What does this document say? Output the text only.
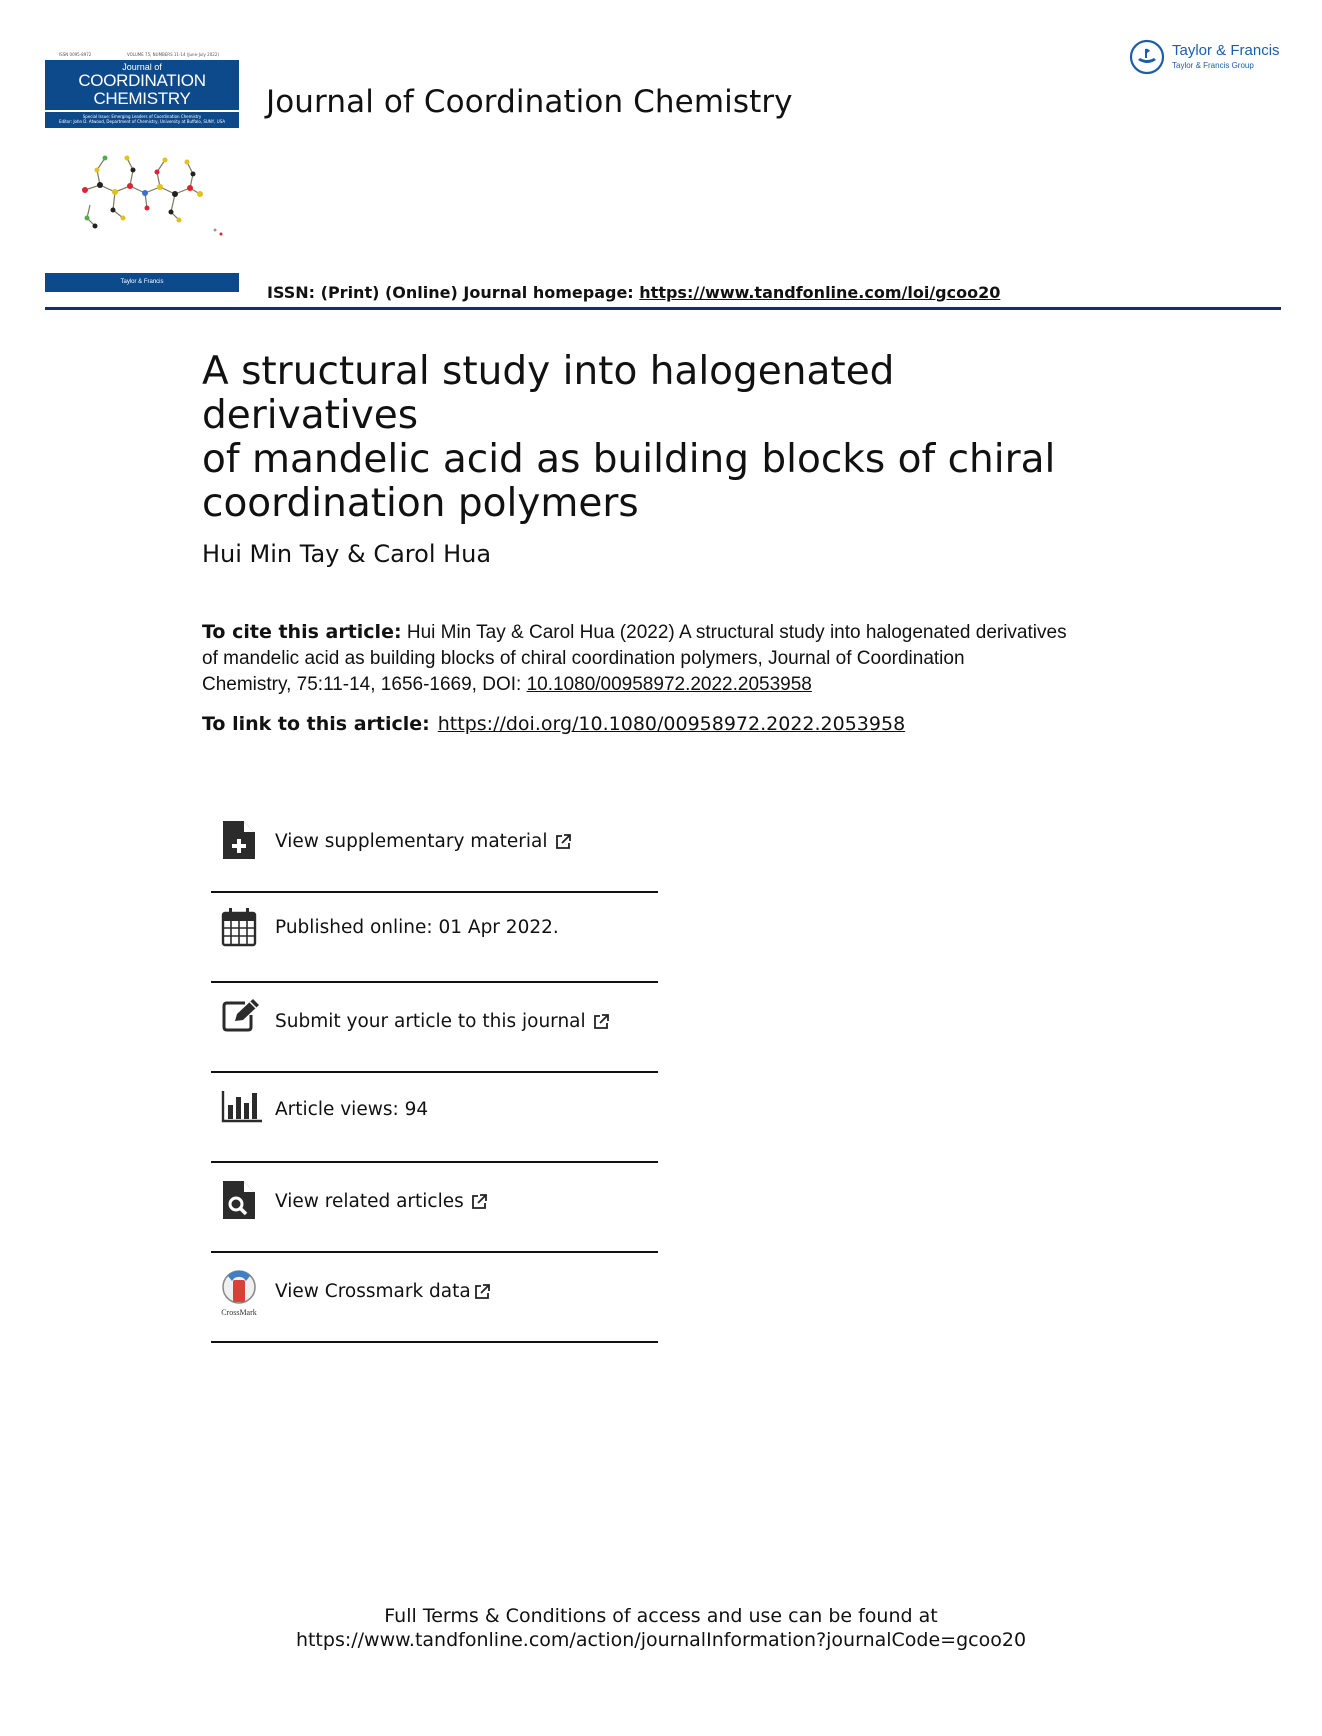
ISSN 0095-8972	VOLUME 75, NUMBERS 11-14 (June-July 2022)
Journal of
COORDINATION
CHEMISTRY
Special Issue: Emerging Leaders of Coordination Chemistry
Editor: John D. Atwood, Department of Chemistry, University at Buffalo, SUNY, USA
Taylor & Francis
Journal of Coordination Chemistry
Taylor & Francis
Taylor & Francis Group
ISSN: (Print) (Online) Journal homepage: https://www.tandfonline.com/loi/gcoo20
A structural study into halogenated derivatives
of mandelic acid as building blocks of chiral
coordination polymers
Hui Min Tay & Carol Hua
To cite this article: Hui Min Tay & Carol Hua (2022) A structural study into halogenated derivatives
of mandelic acid as building blocks of chiral coordination polymers, Journal of Coordination
Chemistry, 75:11-14, 1656-1669, DOI: 10.1080/00958972.2022.2053958
To link to this article: https://doi.org/10.1080/00958972.2022.2053958
View supplementary material
Published online: 01 Apr 2022.
Submit your article to this journal
Article views: 94
View related articles
CrossMark
View Crossmark data
Full Terms & Conditions of access and use can be found at
https://www.tandfonline.com/action/journalInformation?journalCode=gcoo20
